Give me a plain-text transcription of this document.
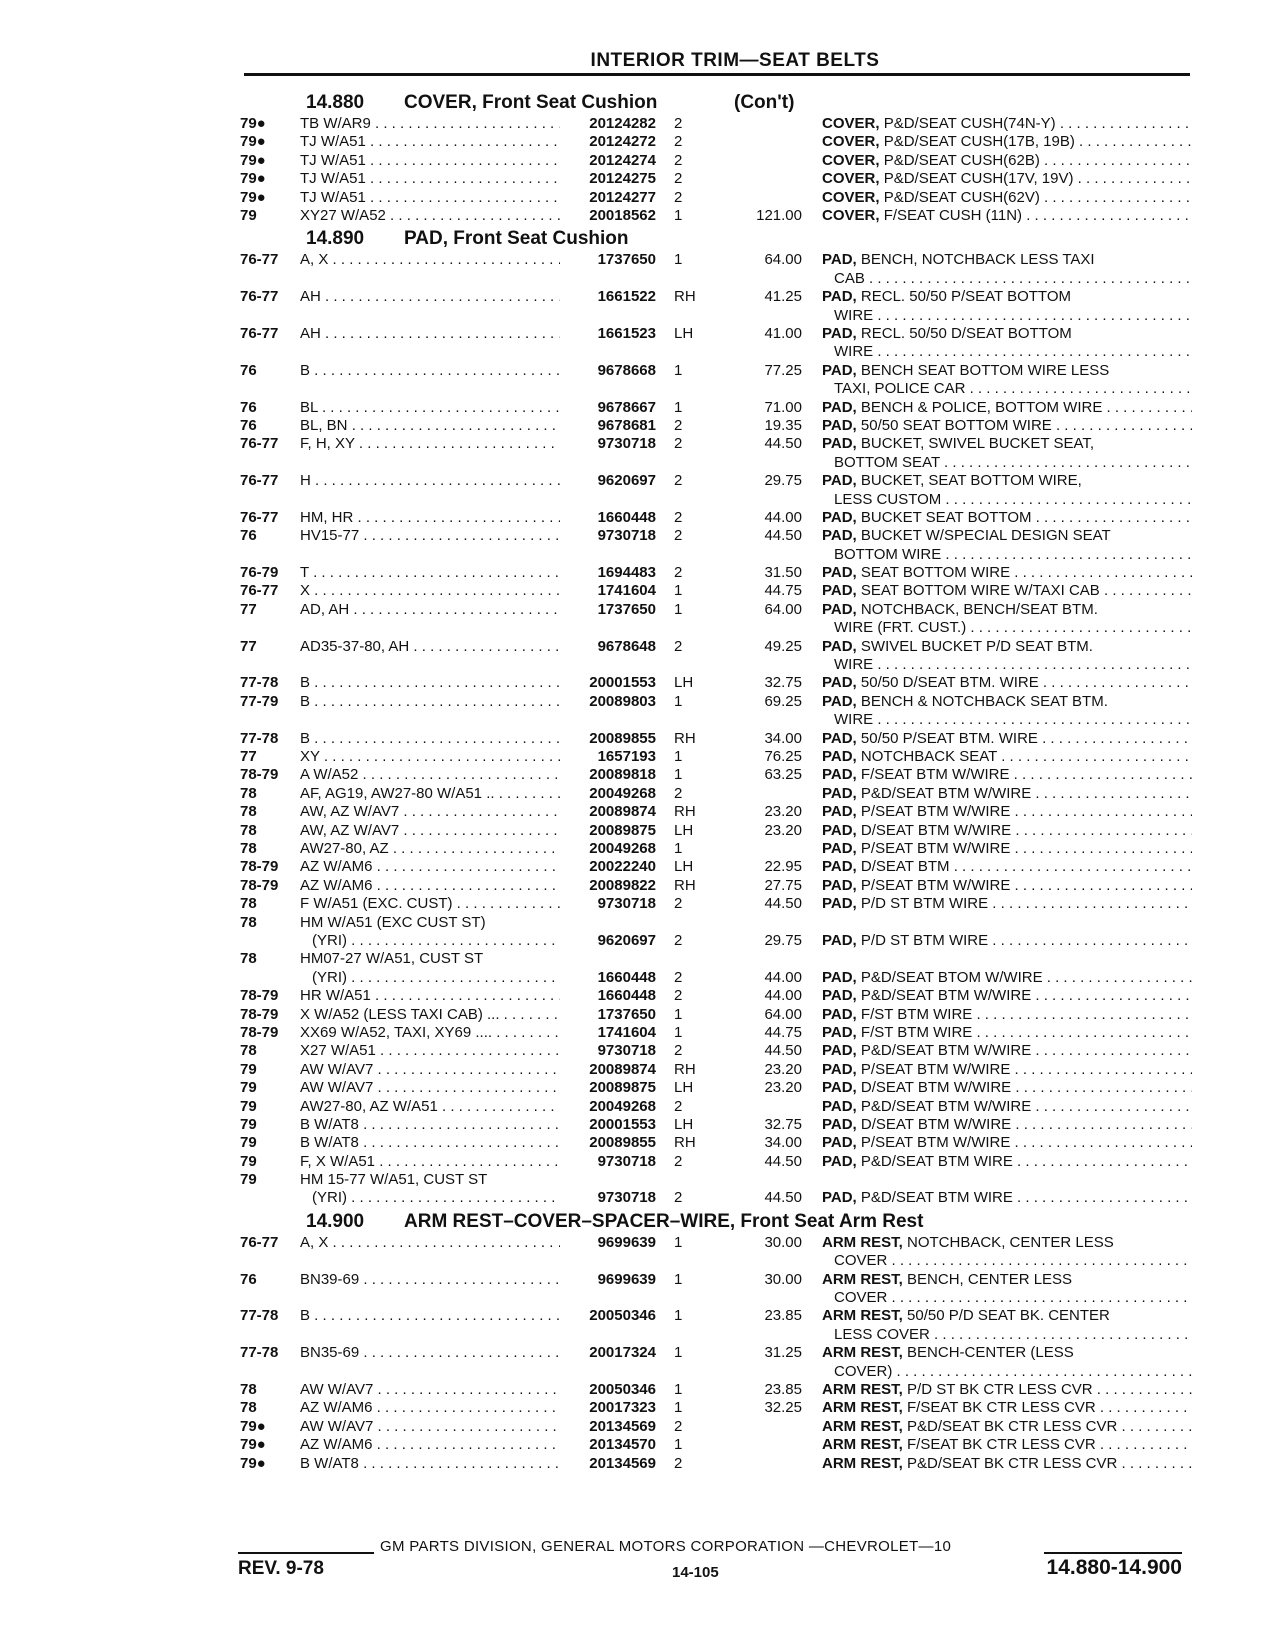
INTERIOR TRIM—SEAT BELTS
14.880 COVER, Front Seat Cushion	(Con't)
79●	TB W/AR9 . . .	20124282 2	COVER, P&D/SEAT CUSH(74N-Y) . . .
79●	TJ W/A51 . . .	20124272 2	COVER, P&D/SEAT CUSH(17B, 19B) . . .
79●	TJ W/A51 . . .	20124274 2	COVER, P&D/SEAT CUSH(62B) . . .
79●	TJ W/A51 . . .	20124275 2	COVER, P&D/SEAT CUSH(17V, 19V) . . .
79●	TJ W/A51 . . .	20124277 2	COVER, P&D/SEAT CUSH(62V) . . .
79	XY27 W/A52 . . .	20018562 1	121.00 COVER, F/SEAT CUSH (11N) . . .
14.890 PAD, Front Seat Cushion
76-77	A, X . . .	1737650 1	64.00 PAD, BENCH, NOTCHBACK LESS TAXI
CAB . . .
76-77	AH . . .	1661522 RH	41.25 PAD, RECL. 50/50 P/SEAT BOTTOM
WIRE . . .
76-77	AH . . .	1661523 LH	41.00 PAD, RECL. 50/50 D/SEAT BOTTOM
WIRE . . .
76	B . . .	9678668 1	77.25 PAD, BENCH SEAT BOTTOM WIRE LESS
TAXI, POLICE CAR . . .
76	BL . . .	9678667 1	71.00 PAD, BENCH & POLICE, BOTTOM WIRE . . .
76	BL, BN . . .	9678681 2	19.35 PAD, 50/50 SEAT BOTTOM WIRE . . .
76-77	F, H, XY . . .	9730718 2	44.50 PAD, BUCKET, SWIVEL BUCKET SEAT,
BOTTOM SEAT . . .
76-77	H . . .	9620697 2	29.75 PAD, BUCKET, SEAT BOTTOM WIRE,
LESS CUSTOM . . .
76-77	HM, HR . . .	1660448 2	44.00 PAD, BUCKET SEAT BOTTOM . . .
76	HV15-77 . . .	9730718 2	44.50 PAD, BUCKET W/SPECIAL DESIGN SEAT
BOTTOM WIRE . . .
76-79	T . . .	1694483 2	31.50 PAD, SEAT BOTTOM WIRE . . .
76-77	X . . .	1741604 1	44.75 PAD, SEAT BOTTOM WIRE W/TAXI CAB . . . .
77	AD, AH . . .	1737650 1	64.00 PAD, NOTCHBACK, BENCH/SEAT BTM.
WIRE (FRT. CUST.) . . .
77	AD35-37-80, AH . . .	9678648 2	49.25 PAD, SWIVEL BUCKET P/D SEAT BTM.
WIRE . . .
77-78	B . . .	20001553 LH	32.75 PAD, 50/50 D/SEAT BTM. WIRE . . .
77-79	B . . .	20089803 1	69.25 PAD, BENCH & NOTCHBACK SEAT BTM.
WIRE . . .
77-78	B . . .	20089855 RH	34.00 PAD, 50/50 P/SEAT BTM. WIRE . . .
77	XY . . .	1657193 1	76.25 PAD, NOTCHBACK SEAT . . .
78-79	A W/A52 . . .	20089818 1	63.25 PAD, F/SEAT BTM W/WIRE . . .
78	AF, AG19, AW27-80 W/A51 .. . . .	20049268 2	PAD, P&D/SEAT BTM W/WIRE . . .
78	AW, AZ W/AV7 . . .	20089874 RH	23.20 PAD, P/SEAT BTM W/WIRE . . .
78	AW, AZ W/AV7 . . .	20089875 LH	23.20 PAD, D/SEAT BTM W/WIRE . . .
78	AW27-80, AZ . . .	20049268 1	PAD, P/SEAT BTM W/WIRE . . .
78-79	AZ W/AM6 . . .	20022240 LH	22.95 PAD, D/SEAT BTM . . .
78-79	AZ W/AM6 . . .	20089822 RH	27.75 PAD, P/SEAT BTM W/WIRE . . .
78	F W/A51 (EXC. CUST) . . .	9730718 2	44.50 PAD, P/D ST BTM WIRE . . .
78	HM W/A51 (EXC CUST ST)
(YRI) . . .	9620697 2	29.75 PAD, P/D ST BTM WIRE . . .
78	HM07-27 W/A51, CUST ST
(YRI) . . .	1660448 2	44.00 PAD, P&D/SEAT BTOM W/WIRE . . .
78-79	HR W/A51 . . .	1660448 2	44.00 PAD, P&D/SEAT BTM W/WIRE . . .
78-79	X W/A52 (LESS TAXI CAB) ... . . .	1737650 1	64.00 PAD, F/ST BTM WIRE . . .
78-79	XX69 W/A52, TAXI, XY69 .... . . .	1741604 1	44.75 PAD, F/ST BTM WIRE . . .
78	X27 W/A51 . . .	9730718 2	44.50 PAD, P&D/SEAT BTM W/WIRE . . .
79	AW W/AV7 . . .	20089874 RH	23.20 PAD, P/SEAT BTM W/WIRE . . .
79	AW W/AV7 . . .	20089875 LH	23.20 PAD, D/SEAT BTM W/WIRE . . .
79	AW27-80, AZ W/A51 . . .	20049268 2	PAD, P&D/SEAT BTM W/WIRE . . .
79	B W/AT8 . . .	20001553 LH	32.75 PAD, D/SEAT BTM W/WIRE . . .
79	B W/AT8 . . .	20089855 RH	34.00 PAD, P/SEAT BTM W/WIRE . . .
79	F, X W/A51 . . .	9730718 2	44.50 PAD, P&D/SEAT BTM WIRE . . .
79	HM 15-77 W/A51, CUST ST
(YRI) . . .	9730718 2	44.50 PAD, P&D/SEAT BTM WIRE . . .
14.900 ARM REST–COVER–SPACER–WIRE, Front Seat Arm Rest
76-77	A, X . . .	9699639 1	30.00 ARM REST, NOTCHBACK, CENTER LESS
COVER . . .
76	BN39-69 . . .	9699639 1	30.00 ARM REST, BENCH, CENTER LESS
COVER . . .
77-78	B . . .	20050346 1	23.85 ARM REST, 50/50 P/D SEAT BK. CENTER
LESS COVER . . .
77-78	BN35-69 . . .	20017324 1	31.25 ARM REST, BENCH-CENTER (LESS
COVER) . . .
78	AW W/AV7 . . .	20050346 1	23.85 ARM REST, P/D ST BK CTR LESS CVR . . .
78	AZ W/AM6 . . .	20017323 1	32.25 ARM REST, F/SEAT BK CTR LESS CVR . . .
79●	AW W/AV7 . . .	20134569 2	ARM REST, P&D/SEAT BK CTR LESS CVR . . .
79●	AZ W/AM6 . . .	20134570 1	ARM REST, F/SEAT BK CTR LESS CVR . . .
79●	B W/AT8 . . .	20134569 2	ARM REST, P&D/SEAT BK CTR LESS CVR . . .
GM PARTS DIVISION, GENERAL MOTORS CORPORATION —CHEVROLET—10
REV. 9-78	14-105	14.880-14.900
